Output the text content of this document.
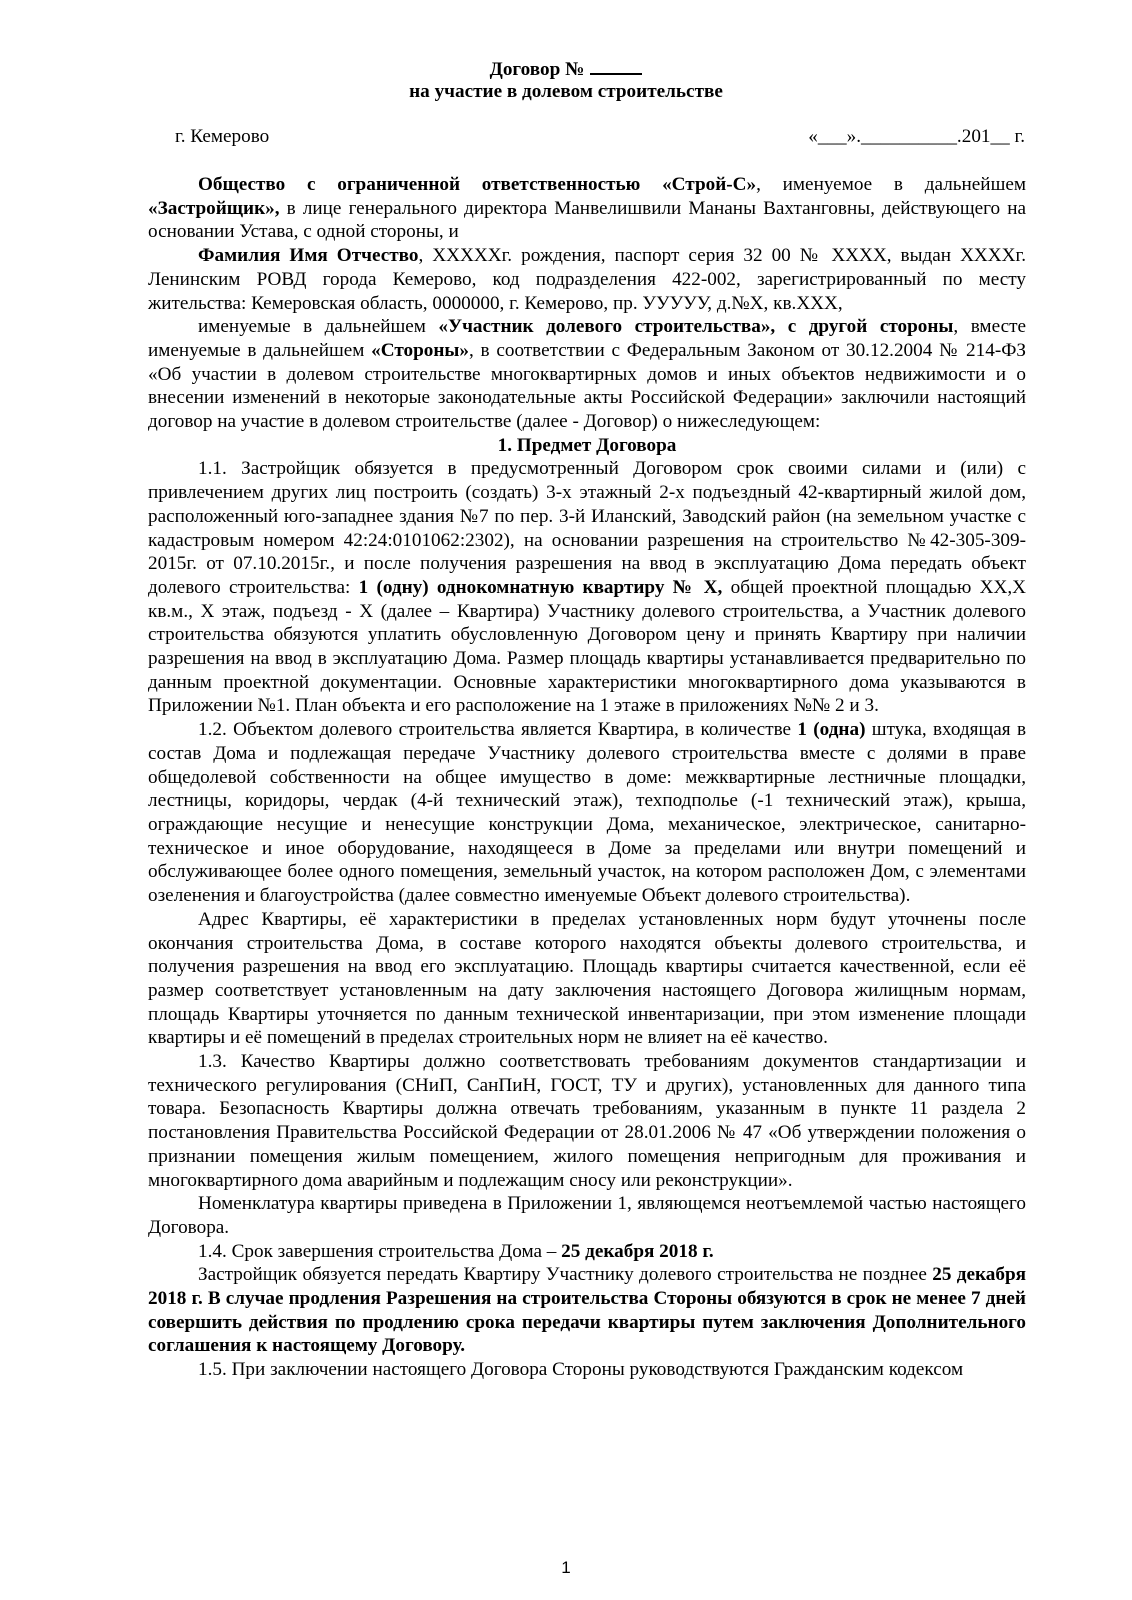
Договор №
на участие в долевом строительстве
г. Кемерово	«___».__________.201__ г.

Общество с ограниченной ответственностью «Строй-С», именуемое в дальнейшем «Застройщик», в лице генерального директора Манвелишвили Мананы Вахтанговны, действующего на основании Устава, с одной стороны, и

Фамилия Имя Отчество, ХХХХХг. рождения, паспорт серия 32 00 № ХХХХ, выдан ХХХХг. Ленинским РОВД города Кемерово, код подразделения 422-002, зарегистрированный по месту жительства: Кемеровская область, 0000000, г. Кемерово, пр. УУУУУ, д.№Х, кв.ХХХ,

именуемые в дальнейшем «Участник долевого строительства», с другой стороны, вместе именуемые в дальнейшем «Стороны», в соответствии с Федеральным Законом от 30.12.2004 № 214-ФЗ «Об участии в долевом строительстве многоквартирных домов и иных объектов недвижимости и о внесении изменений в некоторые законодательные акты Российской Федерации» заключили настоящий договор на участие в долевом строительстве (далее - Договор) о нижеследующем:

1. Предмет Договора

1.1. Застройщик обязуется в предусмотренный Договором срок своими силами и (или) с привлечением других лиц построить (создать) 3-х этажный 2-х подъездный 42-квартирный жилой дом, расположенный юго-западнее здания №7 по пер. 3-й Иланский, Заводский район (на земельном участке с кадастровым номером 42:24:0101062:2302), на основании разрешения на строительство №42-305-309-2015г. от 07.10.2015г., и после получения разрешения на ввод в эксплуатацию Дома передать объект долевого строительства: 1 (одну) однокомнатную квартиру № Х, общей проектной площадью ХХ,Х кв.м., Х этаж, подъезд - Х (далее – Квартира) Участнику долевого строительства, а Участник долевого строительства обязуются уплатить обусловленную Договором цену и принять Квартиру при наличии разрешения на ввод в эксплуатацию Дома. Размер площадь квартиры устанавливается предварительно по данным проектной документации. Основные характеристики многоквартирного дома указываются в Приложении №1. План объекта и его расположение на 1 этаже в приложениях №№ 2 и 3.

1.2. Объектом долевого строительства является Квартира, в количестве 1 (одна) штука, входящая в состав Дома и подлежащая передаче Участнику долевого строительства вместе с долями в праве общедолевой собственности на общее имущество в доме: межквартирные лестничные площадки, лестницы, коридоры, чердак (4-й технический этаж), техподполье (-1 технический этаж), крыша, ограждающие несущие и ненесущие конструкции Дома, механическое, электрическое, санитарно-техническое и иное оборудование, находящееся в Доме за пределами или внутри помещений и обслуживающее более одного помещения, земельный участок, на котором расположен Дом, с элементами озеленения и благоустройства (далее совместно именуемые Объект долевого строительства).

Адрес Квартиры, её характеристики в пределах установленных норм будут уточнены после окончания строительства Дома, в составе которого находятся объекты долевого строительства, и получения разрешения на ввод его эксплуатацию. Площадь квартиры считается качественной, если её размер соответствует установленным на дату заключения настоящего Договора жилищным нормам, площадь Квартиры уточняется по данным технической инвентаризации, при этом изменение площади квартиры и её помещений в пределах строительных норм не влияет на её качество.

1.3. Качество Квартиры должно соответствовать требованиям документов стандартизации и технического регулирования (СНиП, СанПиН, ГОСТ, ТУ и других), установленных для данного типа товара. Безопасность Квартиры должна отвечать требованиям, указанным в пункте 11 раздела 2 постановления Правительства Российской Федерации от 28.01.2006 № 47 «Об утверждении положения о признании помещения жилым помещением, жилого помещения непригодным для проживания и многоквартирного дома аварийным и подлежащим сносу или реконструкции».

Номенклатура квартиры приведена в Приложении 1, являющемся неотъемлемой частью настоящего Договора.

1.4. Срок завершения строительства Дома – 25 декабря 2018 г.

Застройщик обязуется передать Квартиру Участнику долевого строительства не позднее 25 декабря 2018 г. В случае продления Разрешения на строительства Стороны обязуются в срок не менее 7 дней совершить действия по продлению срока передачи квартиры путем заключения Дополнительного соглашения к настоящему Договору.

1.5. При заключении настоящего Договора Стороны руководствуются Гражданским кодексом

1
